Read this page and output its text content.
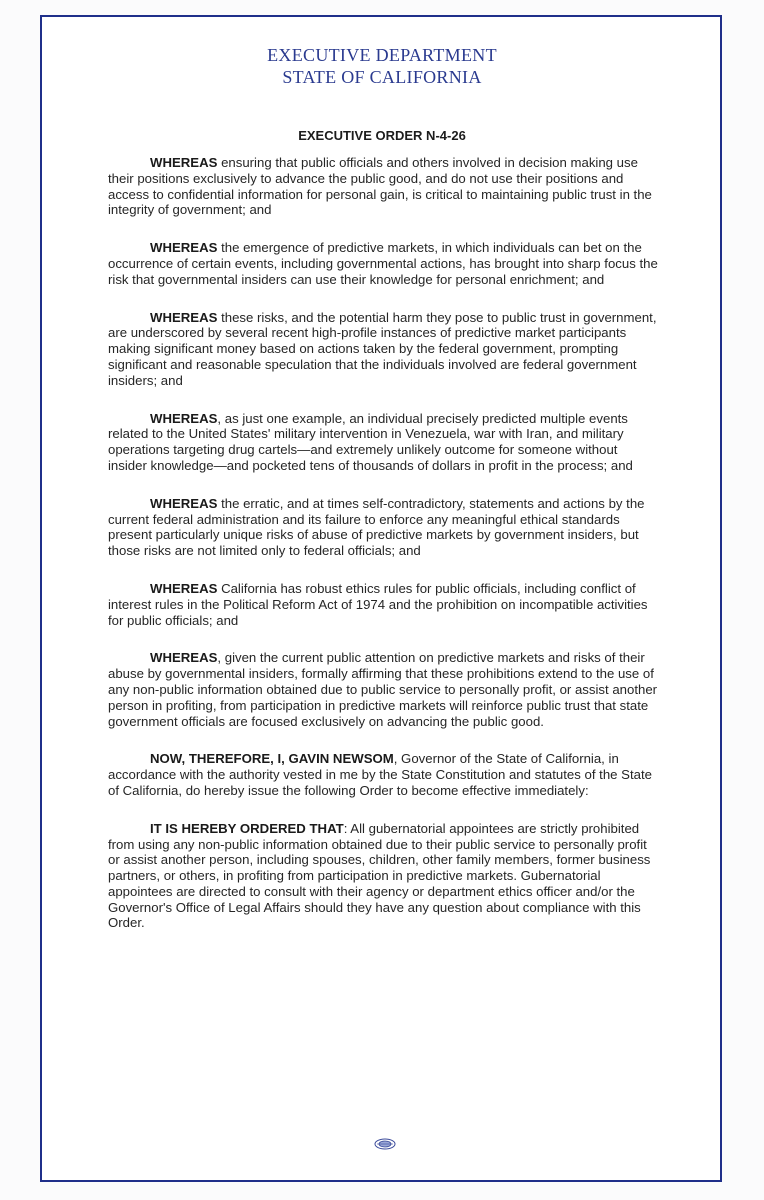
EXECUTIVE DEPARTMENT
STATE OF CALIFORNIA
EXECUTIVE ORDER N-4-26

WHEREAS ensuring that public officials and others involved in decision making use their positions exclusively to advance the public good, and do not use their positions and access to confidential information for personal gain, is critical to maintaining public trust in the integrity of government; and

WHEREAS the emergence of predictive markets, in which individuals can bet on the occurrence of certain events, including governmental actions, has brought into sharp focus the risk that governmental insiders can use their knowledge for personal enrichment; and

WHEREAS these risks, and the potential harm they pose to public trust in government, are underscored by several recent high-profile instances of predictive market participants making significant money based on actions taken by the federal government, prompting significant and reasonable speculation that the individuals involved are federal government insiders; and

WHEREAS, as just one example, an individual precisely predicted multiple events related to the United States' military intervention in Venezuela, war with Iran, and military operations targeting drug cartels—and extremely unlikely outcome for someone without insider knowledge—and pocketed tens of thousands of dollars in profit in the process; and

WHEREAS the erratic, and at times self-contradictory, statements and actions by the current federal administration and its failure to enforce any meaningful ethical standards present particularly unique risks of abuse of predictive markets by government insiders, but those risks are not limited only to federal officials; and

WHEREAS California has robust ethics rules for public officials, including conflict of interest rules in the Political Reform Act of 1974 and the prohibition on incompatible activities for public officials; and

WHEREAS, given the current public attention on predictive markets and risks of their abuse by governmental insiders, formally affirming that these prohibitions extend to the use of any non-public information obtained due to public service to personally profit, or assist another person in profiting, from participation in predictive markets will reinforce public trust that state government officials are focused exclusively on advancing the public good.

NOW, THEREFORE, I, GAVIN NEWSOM, Governor of the State of California, in accordance with the authority vested in me by the State Constitution and statutes of the State of California, do hereby issue the following Order to become effective immediately:

IT IS HEREBY ORDERED THAT: All gubernatorial appointees are strictly prohibited from using any non-public information obtained due to their public service to personally profit or assist another person, including spouses, children, other family members, former business partners, or others, in profiting from participation in predictive markets. Gubernatorial appointees are directed to consult with their agency or department ethics officer and/or the Governor's Office of Legal Affairs should they have any question about compliance with this Order.
